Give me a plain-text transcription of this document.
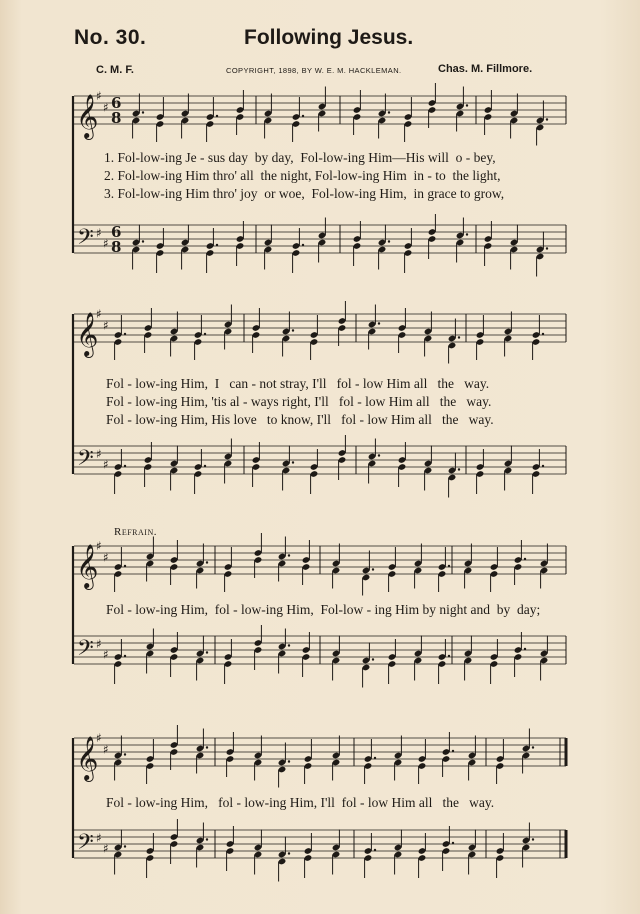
No. 30.	Following Jesus.
C. M. F.	COPYRIGHT, 1898, BY W. E. M. HACKLEMAN.	Chas. M. Fillmore.
𝄞
♯
♯ 6
8
𝄢 ♯
♯
6
8
𝄞
♯
♯
𝄢 ♯
♯
𝄞
♯
♯
𝄢 ♯
♯
𝄞
♯
♯
𝄢 ♯
♯
Refrain.
1. Fol-low-ing Je - sus day  by day,  Fol-low-ing Him—His will  o - bey,
2. Fol-low-ing Him thro' all  the night, Fol-low-ing Him  in - to  the light,
3. Fol-low-ing Him thro' joy  or woe,  Fol-low-ing Him,  in grace to grow,
Fol - low-ing Him,  I   can - not stray, I'll   fol - low Him all   the   way.
Fol - low-ing Him, 'tis al - ways right, I'll   fol - low Him all   the   way.
Fol - low-ing Him, His love   to know, I'll   fol - low Him all   the   way.
Fol - low-ing Him,  fol - low-ing Him,  Fol-low - ing Him by night and  by  day;
Fol - low-ing Him,   fol - low-ing Him, I'll  fol - low Him all   the   way.
